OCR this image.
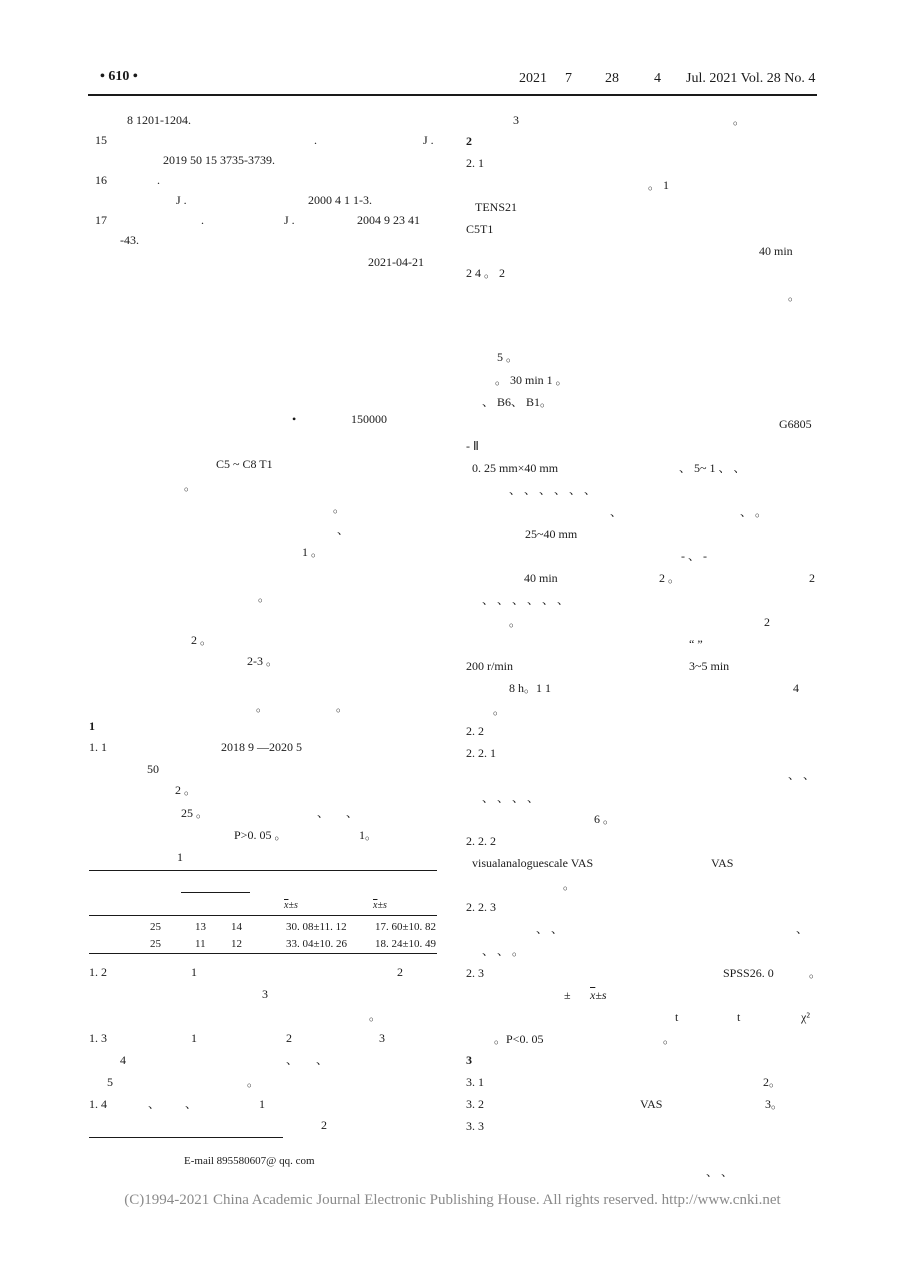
• 610 •	2021 7 28	4 Jul. 2021 Vol. 28 No. 4
8 1201-1204.
15	.	J .
2019 50 15 3735-3739.
16	.
J .	2000 4 1 1-3.
17	.	J .	2004 9 23 41
-43.
2021-04-21
•	150000
C5 ~ C8 T1
。
。
、
1 。
。
2 。
2-3 。
。	。
1
1. 1	2018 9 —2020 5
50
2 。
25 。	、 、
P>0. 05 。	1。
1
$\overline{x}\pm s$	$\overline{x}\pm s$
25	13 14	30. 08±11. 12	17. 60±10. 82
25	11 12	33. 04±10. 26	18. 24±10. 49
1. 2	1	2
3
。
1. 3	1	2	3
4	、 、
5	。
1. 4	、 、	1
2
E-mail 895580607@ qq. com
3	。
2
2. 1
。 1
TENS21
C5T1
40 min
2 4 。 2
。
5 。
。 30 min 1 。
、 B6、 B1。
G6805
- Ⅱ
0. 25 mm×40 mm	、 5~ 1 、 、
、 、 、 、 、 、
、	、 。
25~40 mm
- 、 -
40 min	2 。	2
、 、 、 、 、 、
。	2
“ ”
200 r/min	3~5 min
8 h。1 1	4
。
2. 2
2. 2. 1
、 、
、 、 、 、
6 。
2. 2. 2
visualanaloguescale VAS	VAS
。
2. 2. 3
、 、	、
、 、 。
2. 3	SPSS26. 0	。
±
t	t	χ²
。P<0. 05	。
3
3. 1	2。
3. 2	VAS	3。
3. 3
、 、
$\overline{x}\pm s$
(C)1994-2021 China Academic Journal Electronic Publishing House. All rights reserved. http://www.cnki.net
